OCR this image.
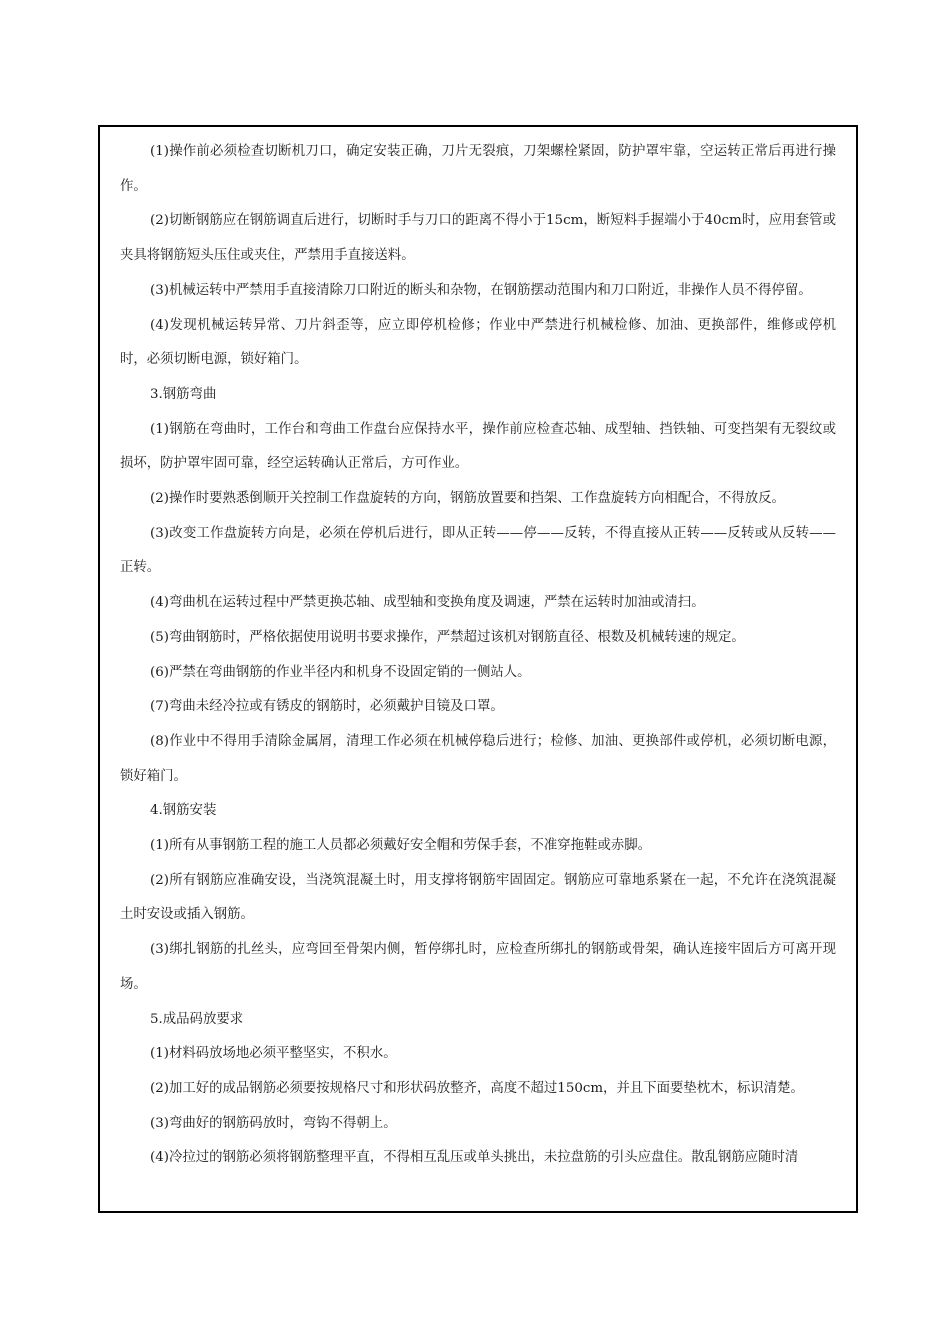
(1)操作前必须检查切断机刀口，确定安装正确，刀片无裂痕，刀架螺栓紧固，防护罩牢靠，空运转正常后再进行操作。

(2)切断钢筋应在钢筋调直后进行，切断时手与刀口的距离不得小于15cm，断短料手握端小于40cm时，应用套管或夹具将钢筋短头压住或夹住，严禁用手直接送料。

(3)机械运转中严禁用手直接清除刀口附近的断头和杂物，在钢筋摆动范围内和刀口附近，非操作人员不得停留。

(4)发现机械运转异常、刀片斜歪等，应立即停机检修；作业中严禁进行机械检修、加油、更换部件，维修或停机时，必须切断电源，锁好箱门。

3.钢筋弯曲

(1)钢筋在弯曲时，工作台和弯曲工作盘台应保持水平，操作前应检查芯轴、成型轴、挡铁轴、可变挡架有无裂纹或损坏，防护罩牢固可靠，经空运转确认正常后，方可作业。

(2)操作时要熟悉倒顺开关控制工作盘旋转的方向，钢筋放置要和挡架、工作盘旋转方向相配合，不得放反。

(3)改变工作盘旋转方向是，必须在停机后进行，即从正转——停——反转，不得直接从正转——反转或从反转——正转。

(4)弯曲机在运转过程中严禁更换芯轴、成型轴和变换角度及调速，严禁在运转时加油或清扫。

(5)弯曲钢筋时，严格依据使用说明书要求操作，严禁超过该机对钢筋直径、根数及机械转速的规定。

(6)严禁在弯曲钢筋的作业半径内和机身不设固定销的一侧站人。

(7)弯曲未经冷拉或有锈皮的钢筋时，必须戴护目镜及口罩。

(8)作业中不得用手清除金属屑，清理工作必须在机械停稳后进行；检修、加油、更换部件或停机，必须切断电源，锁好箱门。

4.钢筋安装

(1)所有从事钢筋工程的施工人员都必须戴好安全帽和劳保手套，不准穿拖鞋或赤脚。

(2)所有钢筋应准确安设，当浇筑混凝土时，用支撑将钢筋牢固固定。钢筋应可靠地系紧在一起，不允许在浇筑混凝土时安设或插入钢筋。

(3)绑扎钢筋的扎丝头，应弯回至骨架内侧，暂停绑扎时，应检查所绑扎的钢筋或骨架，确认连接牢固后方可离开现场。

5.成品码放要求

(1)材料码放场地必须平整坚实，不积水。

(2)加工好的成品钢筋必须要按规格尺寸和形状码放整齐，高度不超过150cm，并且下面要垫枕木，标识清楚。

(3)弯曲好的钢筋码放时，弯钩不得朝上。

(4)冷拉过的钢筋必须将钢筋整理平直，不得相互乱压或单头挑出，未拉盘筋的引头应盘住。散乱钢筋应随时清
